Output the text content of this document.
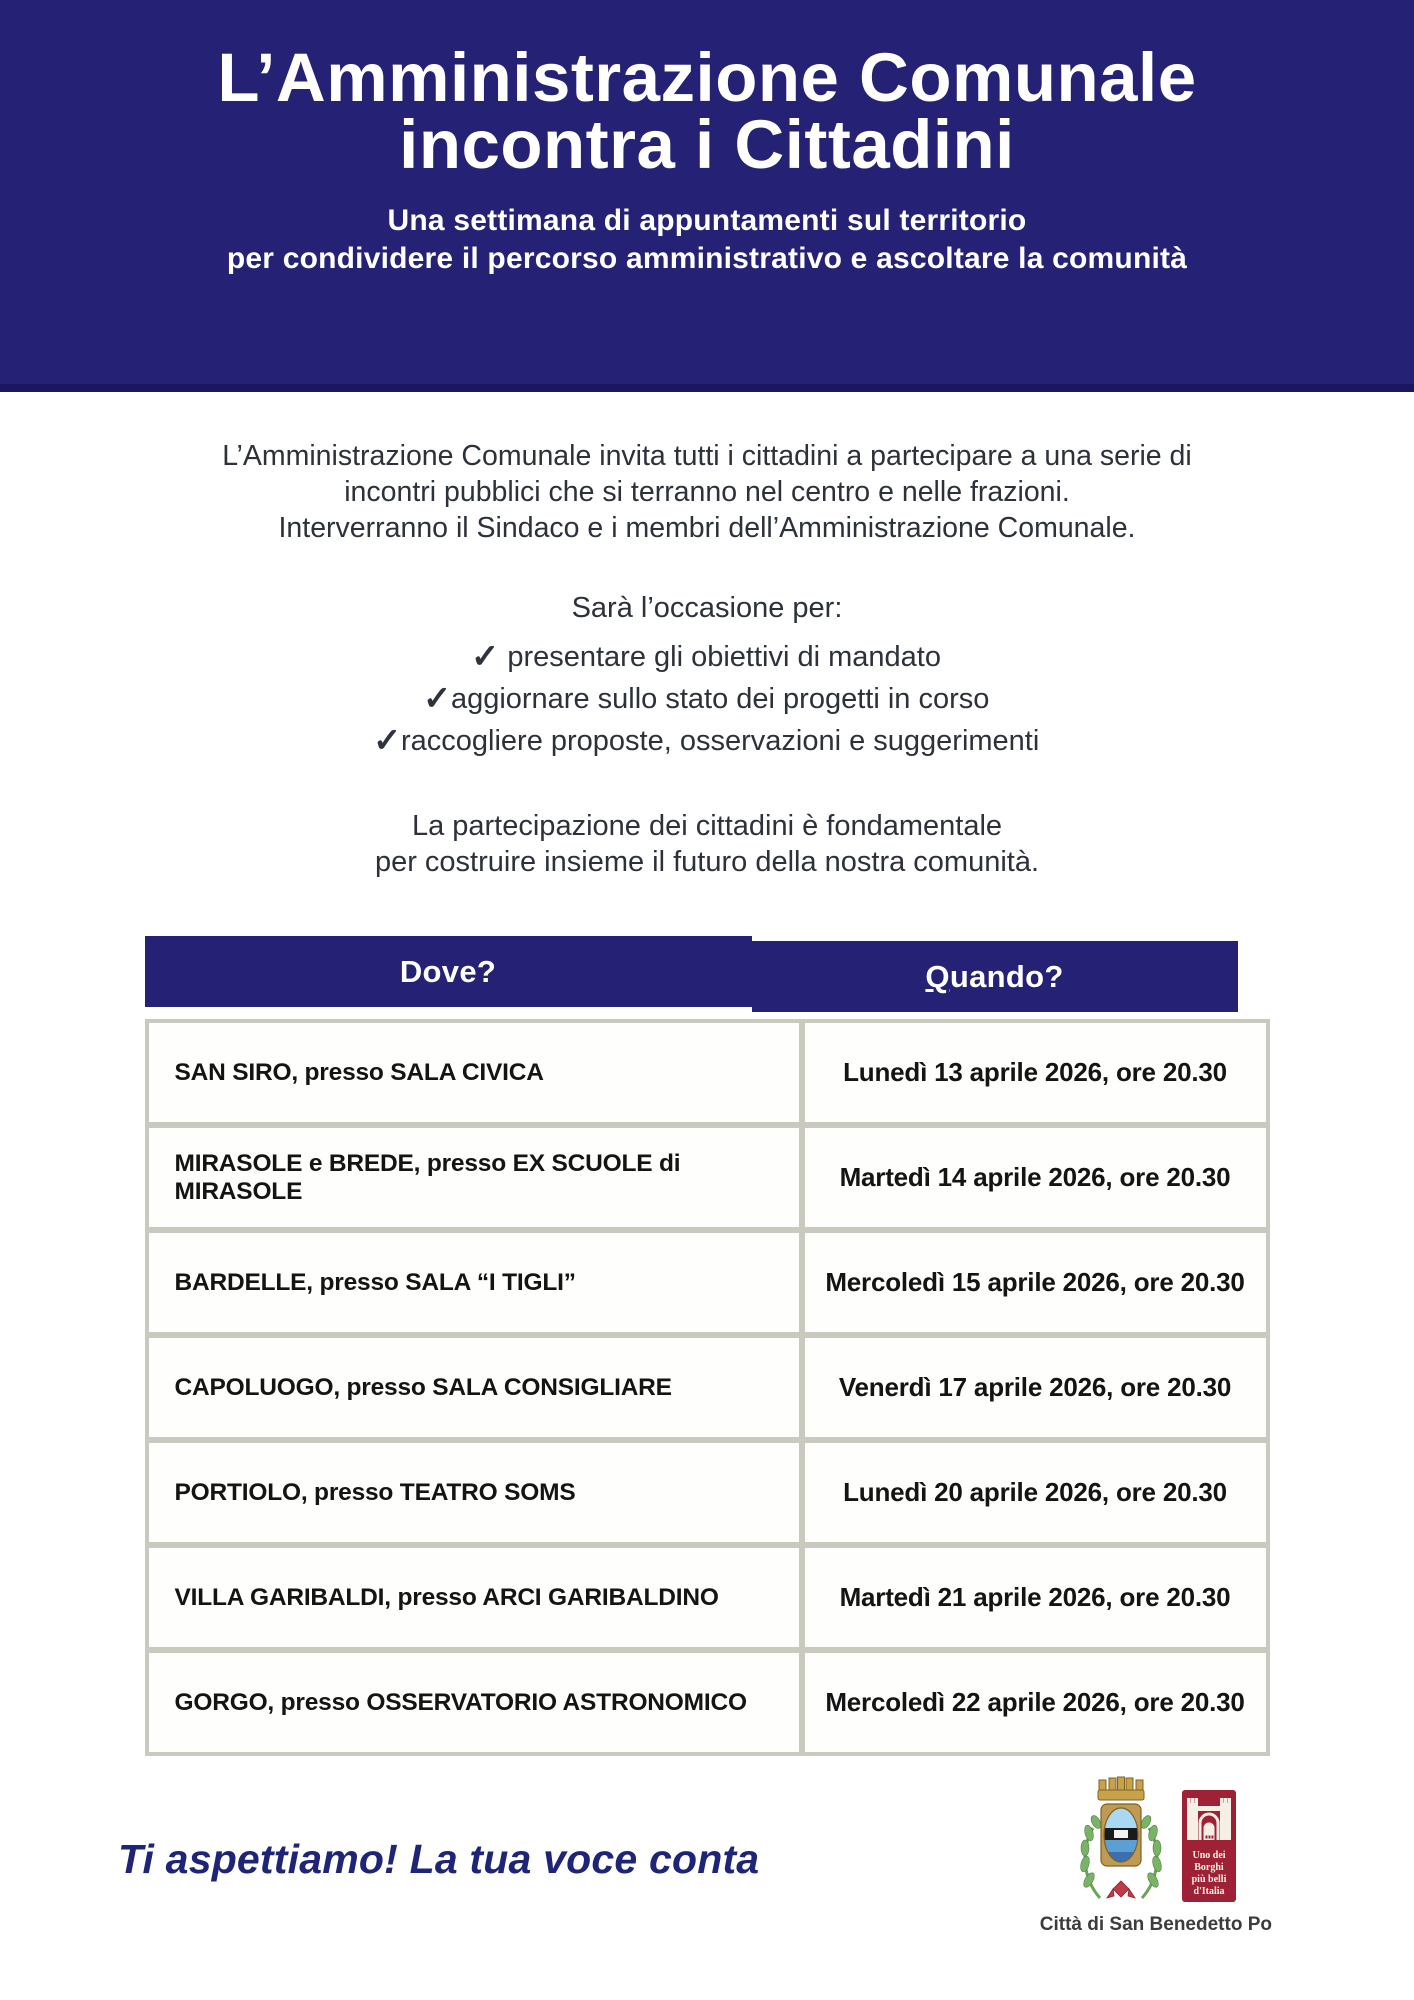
L’Amministrazione Comunale
incontra i Cittadini
Una settimana di appuntamenti sul territorio
per condividere il percorso amministrativo e ascoltare la comunità
L’Amministrazione Comunale invita tutti i cittadini a partecipare a una serie di
incontri pubblici che si terranno nel centro e nelle frazioni.
Interverranno il Sindaco e i membri dell’Amministrazione Comunale.
Sarà l’occasione per:
✓ presentare gli obiettivi di mandato
✓aggiornare sullo stato dei progetti in corso
✓raccogliere proposte, osservazioni e suggerimenti
La partecipazione dei cittadini è fondamentale
per costruire insieme il futuro della nostra comunità.
Dove?	Quando?
SAN SIRO, presso SALA CIVICA	Lunedì 13 aprile 2026, ore 20.30
MIRASOLE e BREDE, presso EX SCUOLE di MIRASOLE	Martedì 14 aprile 2026, ore 20.30
BARDELLE, presso SALA “I TIGLI”	Mercoledì 15 aprile 2026, ore 20.30
CAPOLUOGO, presso SALA CONSIGLIARE	Venerdì 17 aprile 2026, ore 20.30
PORTIOLO, presso TEATRO SOMS	Lunedì 20 aprile 2026, ore 20.30
VILLA GARIBALDI, presso ARCI GARIBALDINO	Martedì 21 aprile 2026, ore 20.30
GORGO, presso OSSERVATORIO ASTRONOMICO	Mercoledì 22 aprile 2026, ore 20.30
Ti aspettiamo! La tua voce conta	Uno dei
Borghi
più belli
d'Italia
Città di San Benedetto Po
